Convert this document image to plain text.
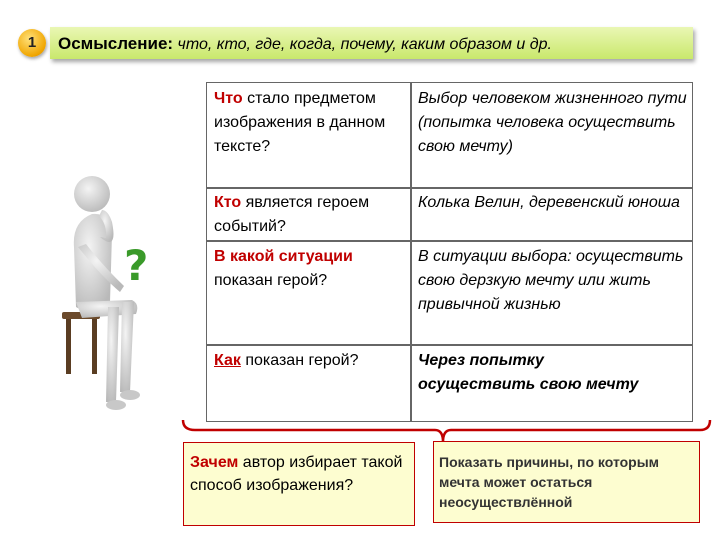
1	Осмысление: что, кто, где, когда, почему, каким образом и др.
?
Что стало предметом изображения в данном тексте?
Выбор человеком жизненного пути (попытка человека осуществить свою мечту)
Кто является героем событий?
Колька Велин, деревенский юноша
В какой ситуации показан герой?
В ситуации выбора: осуществить свою дерзкую мечту или жить привычной жизнью
Как показан герой?	Через попытку осуществить свою мечту
Зачем автор избирает такой способ изображения?
Показать причины, по которым мечта может остаться неосуществлённой
